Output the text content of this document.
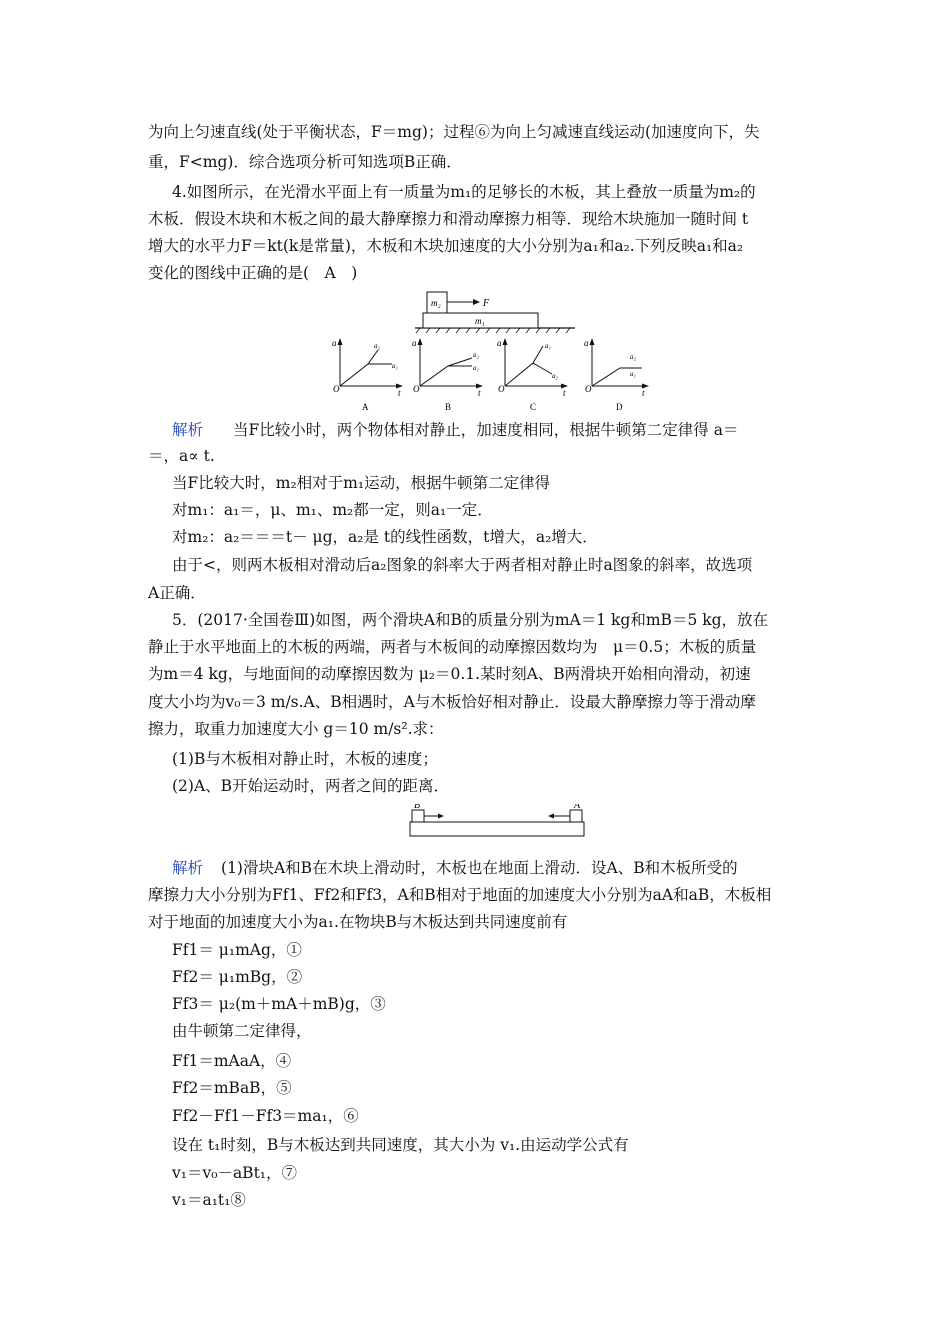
为向上匀速直线(处于平衡状态，F＝mg)；过程⑥为向上匀减速直线运动(加速度向下，失
重，F<mg)．综合选项分析可知选项B正确．
4.如图所示，在光滑水平面上有一质量为m₁的足够长的木板，其上叠放一质量为m₂的
木板．假设木块和木板之间的最大静摩擦力和滑动摩擦力相等．现给木块施加一随时间 t
增大的水平力F＝kt(k是常量)，木板和木块加速度的大小分别为a₁和a₂.下列反映a₁和a₂
变化的图线中正确的是(　A　)
m₂
m₁
F
a
t
O
a₂
a₁
A
a
t
O
a₂
a₁
B
a
t
O
a₁
a₂
C
a
t
O
a₂
a₁
D
解析 当F比较小时，两个物体相对静止，加速度相同，根据牛顿第二定律得 a＝
＝，a∝ t.
当F比较大时，m₂相对于m₁运动，根据牛顿第二定律得
对m₁：a₁＝，μ、m₁、m₂都一定，则a₁一定．
对m₂：a₂＝＝＝t－ μg，a₂是 t的线性函数，t增大，a₂增大．
由于<，则两木板相对滑动后a₂图象的斜率大于两者相对静止时a图象的斜率，故选项
A正确．
5．(2017·全国卷Ⅲ)如图，两个滑块A和B的质量分别为mA＝1 kg和mB＝5 kg，放在
静止于水平地面上的木板的两端，两者与木板间的动摩擦因数均为　μ＝0.5；木板的质量
为m＝4 kg，与地面间的动摩擦因数为 μ₂＝0.1.某时刻A、B两滑块开始相向滑动，初速
度大小均为v₀＝3 m/s.A、B相遇时，A与木板恰好相对静止．设最大静摩擦力等于滑动摩
擦力，取重力加速度大小 g＝10 m/s².求：
(1)B与木板相对静止时，木板的速度；
(2)A、B开始运动时，两者之间的距离．
B	A
解析 (1)滑块A和B在木块上滑动时，木板也在地面上滑动．设A、B和木板所受的
摩擦力大小分别为Ff1、Ff2和Ff3，A和B相对于地面的加速度大小分别为aA和aB，木板相
对于地面的加速度大小为a₁.在物块B与木板达到共同速度前有
Ff1＝ μ₁mAg，①
Ff2＝ μ₁mBg，②
Ff3＝ μ₂(m＋mA＋mB)g，③
由牛顿第二定律得，
Ff1＝mAaA，④
Ff2＝mBaB，⑤
Ff2－Ff1－Ff3＝ma₁，⑥
设在 t₁时刻，B与木板达到共同速度，其大小为 v₁.由运动学公式有
v₁＝v₀－aBt₁，⑦
v₁＝a₁t₁⑧
